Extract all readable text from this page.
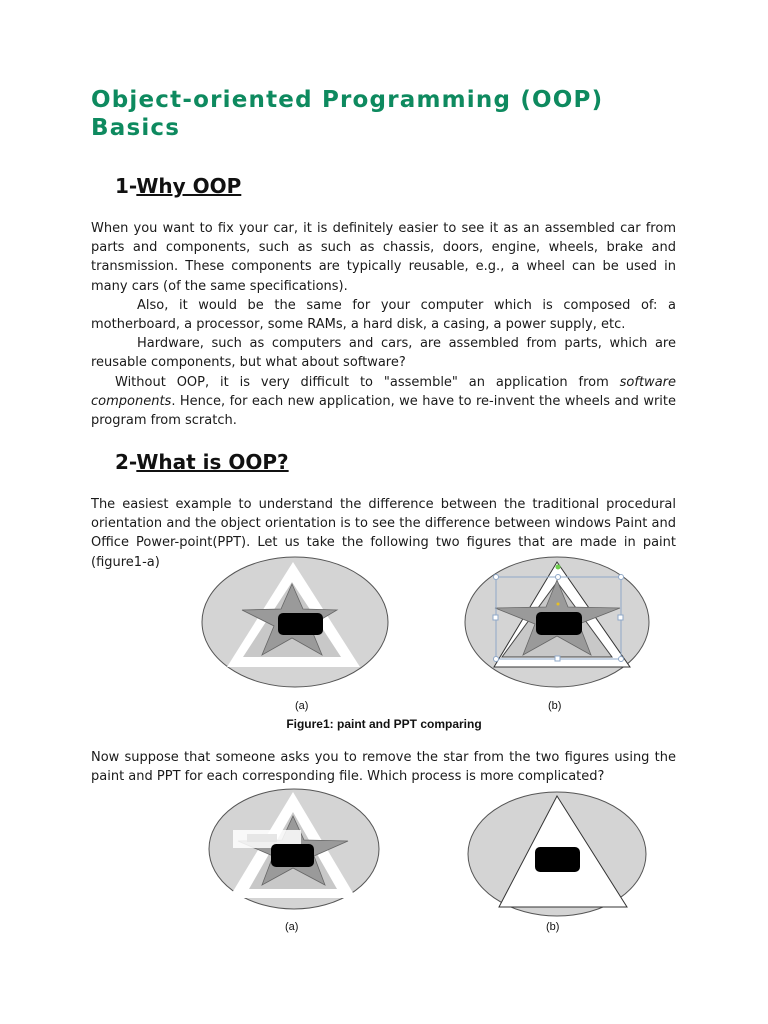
Object-oriented Programming (OOP) Basics
1-Why OOP

When you want to fix your car, it is definitely easier to see it as an assembled car from parts and components, such as such as chassis, doors, engine, wheels, brake and transmission. These components are typically reusable, e.g., a wheel can be used in many cars (of the same specifications).

Also, it would be the same for your computer which is composed of: a motherboard, a processor, some RAMs, a hard disk, a casing, a power supply, etc.

Hardware, such as computers and cars, are assembled from parts, which are reusable components, but what about software?

Without OOP, it is very difficult to "assemble" an application from software components. Hence, for each new application, we have to re-invent the wheels and write program from scratch.

2-What is OOP?

The easiest example to understand the difference between the traditional procedural orientation and the object orientation is to see the difference between windows Paint and Office Power-point(PPT). Let us take the following two figures that are made in paint (figure1-a)

(a)	(b)
Figure1: paint and PPT comparing

Now suppose that someone asks you to remove the star from the two figures using the paint and PPT for each corresponding file. Which process is more complicated?

(a)	(b)
